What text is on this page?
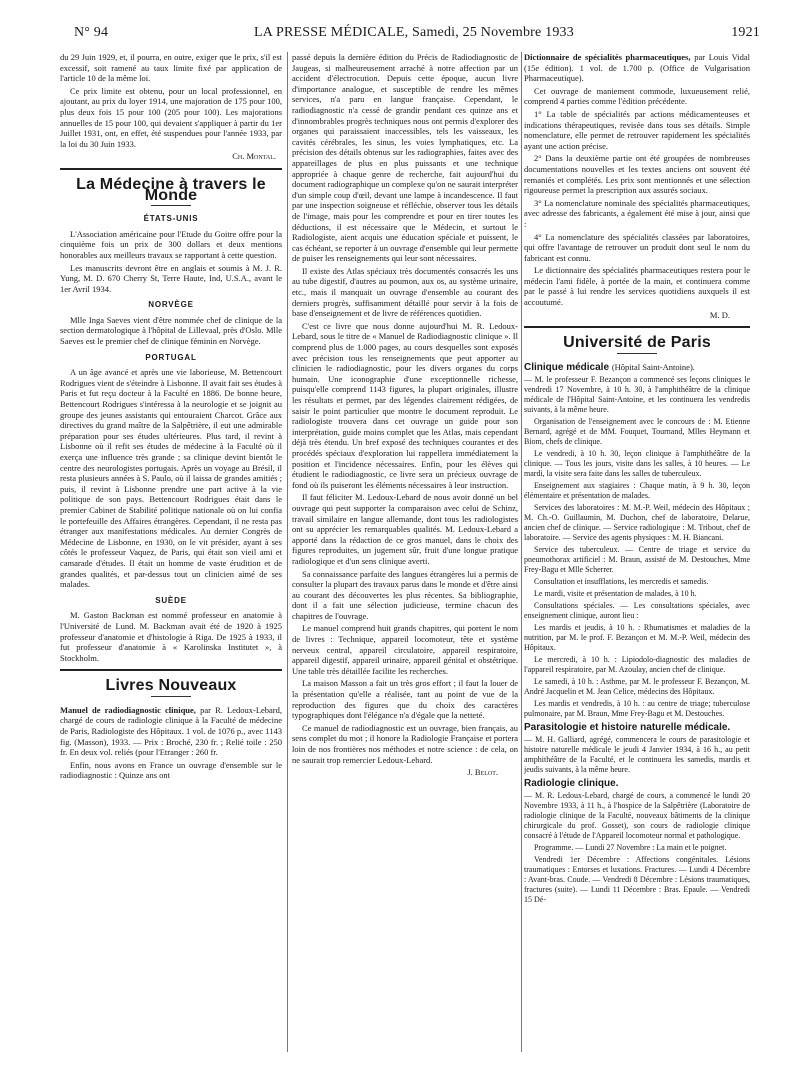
N° 94	LA PRESSE MÉDICALE, Samedi, 25 Novembre 1933	1921

du 29 Juin 1929, et, il pourra, en outre, exiger que le prix, s'il est excessif, soit ramené au taux limite fixé par application de l'article 10 de la même loi.

Ce prix limite est obtenu, pour un local professionnel, en ajoutant, au prix du loyer 1914, une majoration de 175 pour 100, plus deux fois 15 pour 100 (205 pour 100). Les majorations annuelles de 15 pour 100, qui devaient s'appliquer à partir du 1er Juillet 1931, ont, en effet, été suspendues pour l'année 1933, par la loi du 30 Juin 1933.

Ch. Montal.
La Médecine à travers le Monde
ÉTATS-UNIS

L'Association américaine pour l'Etude du Goitre offre pour la cinquième fois un prix de 300 dollars et deux mentions honorables aux meilleurs travaux se rapportant à cette question.

Les manuscrits devront être en anglais et soumis à M. J. R. Yung, M. D. 670 Cherry St, Terre Haute, Ind, U.S.A., avant le 1er Avril 1934.

NORVÈGE

Mlle Inga Saeves vient d'être nommée chef de clinique de la section dermatologique à l'hôpital de Lillevaal, près d'Oslo. Mlle Saeves est le premier chef de clinique féminin en Norvège.

PORTUGAL

A un âge avancé et après une vie laborieuse, M. Bettencourt Rodrigues vient de s'éteindre à Lisbonne. Il avait fait ses études à Paris et fut reçu docteur à la Faculté en 1886. De bonne heure, Bettencourt Rodrigues s'intéressa à la neurologie et se joignit au groupe des jeunes assistants qui entouraient Charcot. Grâce aux directives du grand maître de la Salpêtrière, il eut une admirable préparation pour ses études ultérieures. Plus tard, il revint à Lisbonne où il refit ses études de médecine à la Faculté où il exerça une influence très grande ; sa clinique devint bientôt le centre des neurologistes portugais. Après un voyage au Brésil, il resta plusieurs années à S. Paulo, où il laissa de grandes amitiés ; puis, il revint à Lisbonne prendre une part active à la vie politique de son pays. Bettencourt Rodrigues était dans le premier Cabinet de Stabilité politique nationale où on lui confia le portefeuille des Affaires étrangères. Cependant, il ne resta pas étranger aux manifestations médicales. Au dernier Congrès de Médecine de Lisbonne, en 1930, on le vit présider, ayant à ses côtés le professeur Vaquez, de Paris, qui était son vieil ami et camarade d'études. Il était un homme de vaste érudition et de grandes qualités, et par-dessus tout un clinicien aimé de ses malades.

SUÈDE

M. Gaston Backman est nommé professeur en anatomie à l'Université de Lund. M. Backman avait été de 1920 à 1925 professeur d'anatomie et d'histologie à Riga. De 1925 à 1933, il fut professeur d'anatomie à « Karolinska Institutet », à Stockholm.

Livres Nouveaux

Manuel de radiodiagnostic clinique, par R. Ledoux-Lebard, chargé de cours de radiologie clinique à la Faculté de médecine de Paris, Radiologiste des Hôpitaux. 1 vol. de 1076 p., avec 1143 fig. (Masson), 1933. — Prix : Broché, 230 fr. ; Relié toile : 250 fr. En deux vol. reliés (pour l'Etranger : 260 fr.

Enfin, nous avons en France un ouvrage d'ensemble sur le radiodiagnostic : Quinze ans ont

passé depuis la dernière édition du Précis de Radiodiagnostic de Jaugeas, si malheureusement arraché à notre affection par un accident d'électrocution. Depuis cette époque, aucun livre d'importance analogue, et susceptible de rendre les mêmes services, n'a paru en langue française. Cependant, le radiodiagnostic n'a cessé de grandir pendant ces quinze ans et d'innombrables progrès techniques nous ont permis d'explorer des organes qui paraissaient inaccessibles, tels les vaisseaux, les cavités cérébrales, les sinus, les voies lymphatiques, etc. La précision des détails obtenus sur les radiographies, faites avec des appareillages de plus en plus puissants et une technique appropriée à chaque genre de recherche, fait aujourd'hui du document radiographique un complexe qu'on ne saurait interpréter d'un simple coup d'œil, devant une lampe à incandescence. Il faut par une inspection soigneuse et réfléchie, observer tous les détails de l'image, mais pour les comprendre et pour en tirer toutes les déductions, il est nécessaire que le Médecin, et surtout le Radiologiste, aient acquis une éducation spéciale et puissent, le cas échéant, se reporter à un ouvrage d'ensemble qui leur permette de puiser les renseignements qui leur sont nécessaires.

Il existe des Atlas spéciaux très documentés consacrés les uns au tube digestif, d'autres au poumon, aux os, au système urinaire, etc., mais il manquait un ouvrage d'ensemble au courant des derniers progrès, suffisamment détaillé pour servir à la fois de base d'enseignement et de livre de références quotidien.

C'est ce livre que nous donne aujourd'hui M. R. Ledoux-Lebard, sous le titre de « Manuel de Radiodiagnostic clinique ». Il comprend plus de 1.000 pages, au cours desquelles sont exposés avec précision tous les renseignements que peut apporter au clinicien le radiodiagnostic, pour les divers organes du corps humain. Une iconographie d'une exceptionnelle richesse, puisqu'elle comprend 1143 figures, la plupart originales, illustre les résultats et permet, par des légendes clairement rédigées, de saisir le point particulier que montre le document reproduit. Le radiologiste trouvera dans cet ouvrage un guide pour son interprétation, guide moins complet que les Atlas, mais cependant déjà très étendu. Un bref exposé des techniques courantes et des procédés spéciaux d'exploration lui rappellera immédiatement la position et l'incidence nécessaires. Enfin, pour les élèves qui étudient le radiodiagnostic, ce livre sera un précieux ouvrage de fond où ils puiseront les éléments nécessaires à leur instruction.

Il faut féliciter M. Ledoux-Lebard de nous avoir donné un bel ouvrage qui peut supporter la comparaison avec celui de Schinz, travail similaire en langue allemande, dont tous les radiologistes ont su apprécier les remarquables qualités. M. Ledoux-Lebard a apporté dans la rédaction de ce gros manuel, dans le choix des figures reproduites, un jugement sûr, fruit d'une longue pratique radiologique et d'un sens clinique averti.

Sa connaissance parfaite des langues étrangères lui a permis de consulter la plupart des travaux parus dans le monde et d'être ainsi au courant des découvertes les plus récentes. Sa bibliographie, dont il a fait une sélection judicieuse, termine chacun des chapitres de l'ouvrage.

Le manuel comprend huit grands chapitres, qui portent le nom de livres : Technique, appareil locomoteur, tête et système nerveux central, appareil circulatoire, appareil respiratoire, appareil digestif, appareil urinaire, appareil génital et obstétrique. Une table très détaillée facilite les recherches.

La maison Masson a fait un très gros effort ; il faut la louer de la présentation qu'elle a réalisée, tant au point de vue de la reproduction des figures que du choix des caractères typographiques dont l'élégance n'a d'égale que la netteté.

Ce manuel de radiodiagnostic est un ouvrage, bien français, au sens complet du mot ; il honore la Radiologie Française et portera loin de nos frontières nos méthodes et notre science : de cela, on ne saurait trop remercier Ledoux-Lebard.

J. Belot.

Dictionnaire de spécialités pharmaceutiques, par Louis Vidal (15e édition). 1 vol. de 1.700 p. (Office de Vulgarisation Pharmaceutique).

Cet ouvrage de maniement commode, luxueusement relié, comprend 4 parties comme l'édition précédente.

1° La table de spécialités par actions médicamenteuses et indications thérapeutiques, revisée dans tous ses détails. Simple nomenclature, elle permet de retrouver rapidement les spécialités ayant une action précise.

2° Dans la deuxième partie ont été groupées de nombreuses documentations nouvelles et les textes anciens ont souvent été remaniés et complétés. Les prix sont mentionnés et une sélection rigoureuse permet la prescription aux assurés sociaux.

3° La nomenclature nominale des spécialités pharmaceutiques, avec adresse des fabricants, a également été mise à jour, ainsi que :

4° La nomenclature des spécialités classées par laboratoires, qui offre l'avantage de retrouver un produit dont seul le nom du fabricant est connu.

Le dictionnaire des spécialités pharmaceutiques restera pour le médecin l'ami fidèle, à portée de la main, et continuera comme par le passé à lui rendre les services quotidiens auxquels il est accoutumé.

M. D.
Université de Paris
Clinique médicale (Hôpital Saint-Antoine).

— M. le professeur F. Bezançon a commencé ses leçons cliniques le vendredi 17 Novembre, à 10 h. 30, à l'amphithéâtre de la clinique médicale de l'Hôpital Saint-Antoine, et les continuera les vendredis suivants, à la même heure.

Organisation de l'enseignement avec le concours de : M. Etienne Bernard, agrégé et de MM. Fouquet, Tournand, Mlles Heymann et Biom, chefs de clinique.

Le vendredi, à 10 h. 30, leçon clinique à l'amphithéâtre de la clinique. — Tous les jours, visite dans les salles, à 10 heures. — Le mardi, la visite sera faite dans les salles de tuberculeux.

Enseignement aux stagiaires : Chaque matin, à 9 h. 30, leçon élémentaire et présentation de malades.

Services des laboratoires : M. M.-P. Weil, médecin des Hôpitaux ; M. Ch.-O. Guillaumin, M. Duchon, chef de laboratoire, Delarue, ancien chef de clinique. — Service radiologique : M. Tribout, chef de laboratoire. — Service des agents physiques : M. H. Biancani.

Service des tuberculeux. — Centre de triage et service du pneumothorax artificiel : M. Braun, assisté de M. Destouches, Mme Frey-Bagu et Mlle Scherrer.

Consultation et insufflations, les mercredis et samedis.

Le mardi, visite et présentation de malades, à 10 h.

Consultations spéciales. — Les consultations spéciales, avec enseignement clinique, auront lieu :

Les mardis et jeudis, à 10 h. : Rhumatismes et maladies de la nutrition, par M. le prof. F. Bezançon et M. M.-P. Weil, médecin des Hôpitaux.

Le mercredi, à 10 h. : Lipiodolo-diagnostic des maladies de l'appareil respiratoire, par M. Azoulay, ancien chef de clinique.

Le samedi, à 10 h. : Asthme, par M. le professeur F. Bezançon, M. André Jacquelin et M. Jean Celice, médecins des Hôpitaux.

Les mardis et vendredis, à 10 h. : au centre de triage; tuberculose pulmonaire, par M. Braun, Mme Frey-Bagu et M. Destouches.

Parasitologie et histoire naturelle médicale.

— M. H. Galliard, agrégé, commencera le cours de parasitologie et histoire naturelle médicale le jeudi 4 Janvier 1934, à 16 h., au petit amphithéâtre de la Faculté, et le continuera les samedis, mardis et jeudis suivants, à la même heure.

Radiologie clinique.

— M. R. Ledoux-Lebard, chargé de cours, a commencé le lundi 20 Novembre 1933, à 11 h., à l'hospice de la Salpêtrière (Laboratoire de radiologie clinique de la Faculté, nouveaux bâtiments de la clinique chirurgicale du prof. Gosset), son cours de radiologie clinique consacré à l'étude de l'Appareil locomoteur normal et pathologique.

Programme. — Lundi 27 Novembre : La main et le poignet.

Vendredi 1er Décembre : Affections congénitales. Lésions traumatiques : Entorses et luxations. Fractures. — Lundi 4 Décembre : Avant-bras. Coude. — Vendredi 8 Décembre : Lésions traumatiques, fractures (suite). — Lundi 11 Décembre : Bras. Epaule. — Vendredi 15 Dé-
